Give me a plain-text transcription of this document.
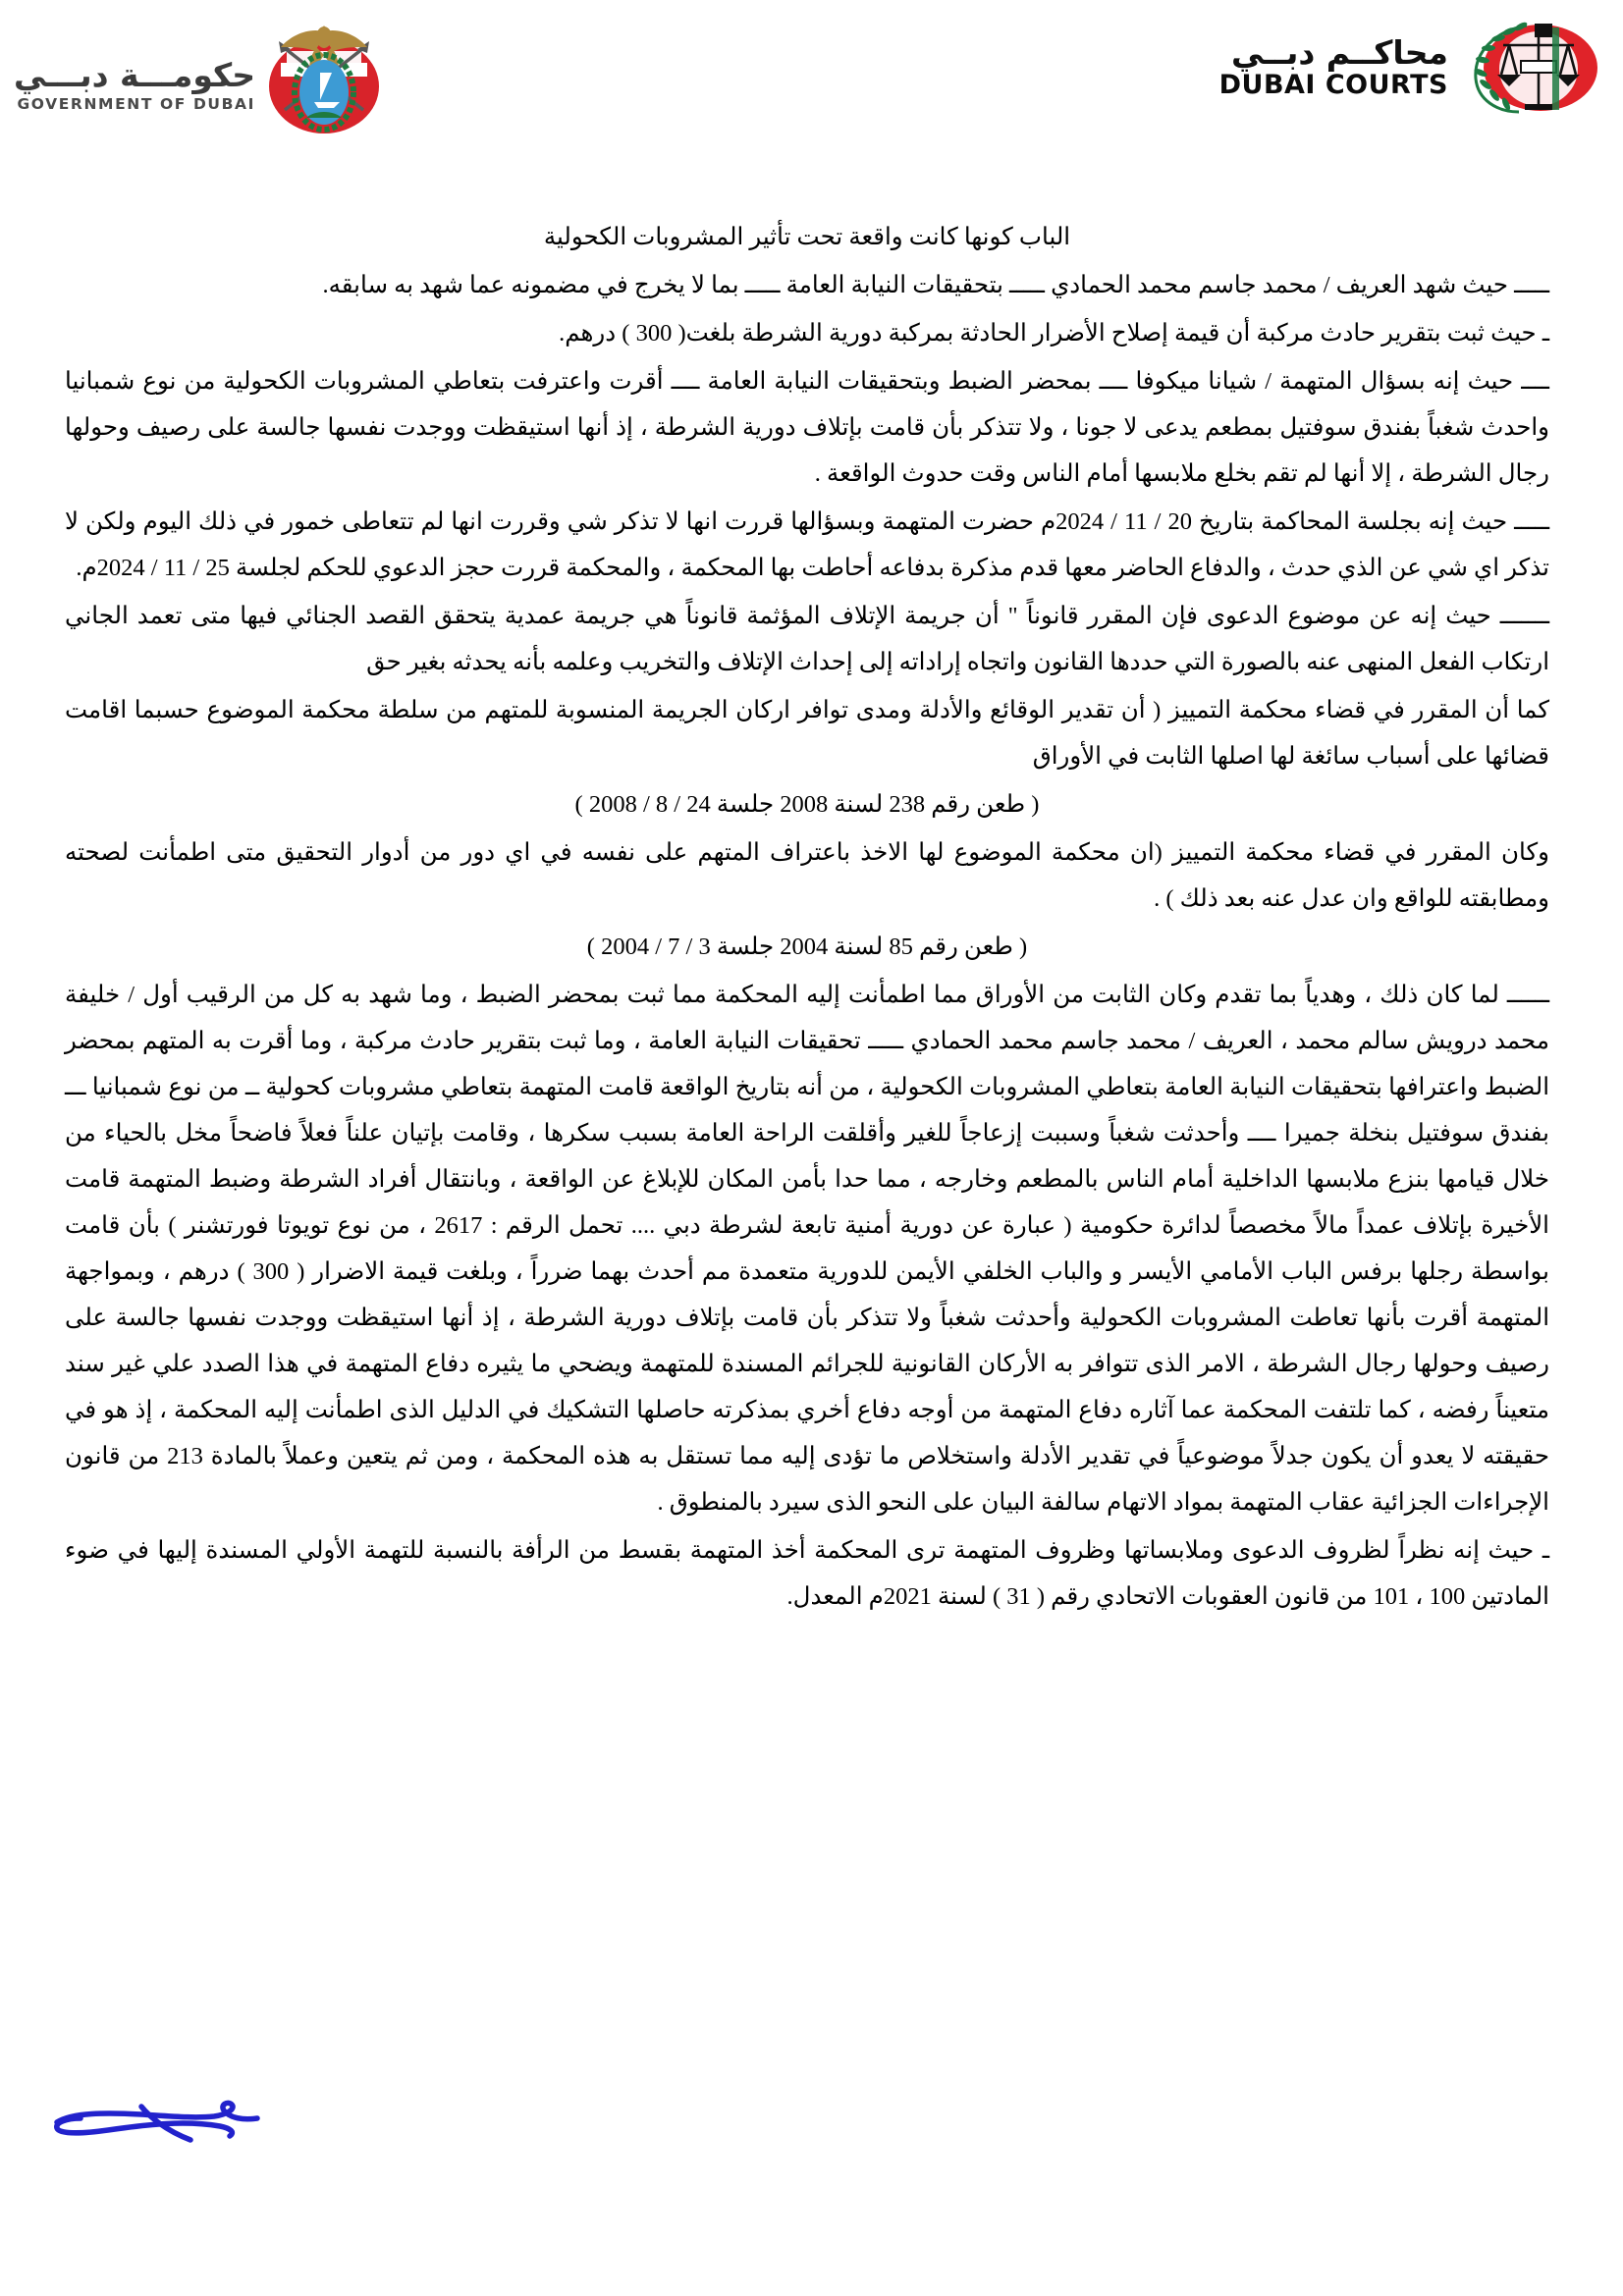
حكومـــة دبـــي
GOVERNMENT OF DUBAI
محاكــم دبــي
DUBAI COURTS

الباب كونها كانت واقعة تحت تأثير المشروبات الكحولية

ـــــ حيث شهد العريف / محمد جاسم محمد الحمادي ـــــ بتحقيقات النيابة العامة ـــــ بما لا يخرج في مضمونه عما شهد به سابقه.

ـ حيث ثبت بتقرير حادث مركبة أن قيمة إصلاح الأضرار الحادثة بمركبة دورية الشرطة بلغت( 300 ) درهم.

ــــ حيث إنه بسؤال المتهمة / شيانا ميكوفا ــــ بمحضر الضبط وبتحقيقات النيابة العامة ــــ أقرت واعترفت بتعاطي المشروبات الكحولية من نوع شمبانيا واحدث شغباً بفندق سوفتيل بمطعم يدعى لا جونا ، ولا تتذكر بأن قامت بإتلاف دورية الشرطة ، إذ أنها استيقظت ووجدت نفسها جالسة على رصيف وحولها رجال الشرطة ، إلا أنها لم تقم بخلع ملابسها أمام الناس وقت حدوث الواقعة .

ـــــ حيث إنه بجلسة المحاكمة بتاريخ 20 / 11 / 2024م حضرت المتهمة وبسؤالها قررت انها لا تذكر شي وقررت انها لم تتعاطى خمور في ذلك اليوم ولكن لا تذكر اي شي عن الذي حدث ، والدفاع الحاضر معها قدم مذكرة بدفاعه أحاطت بها المحكمة ، والمحكمة قررت حجز الدعوي للحكم لجلسة 25 / 11 / 2024م.

ـــــــ حيث إنه عن موضوع الدعوى فإن المقرر قانوناً " أن جريمة الإتلاف المؤثمة قانوناً هي جريمة عمدية يتحقق القصد الجنائي فيها متى تعمد الجاني ارتكاب الفعل المنهى عنه بالصورة التي حددها القانون واتجاه إراداته إلى إحداث الإتلاف والتخريب وعلمه بأنه يحدثه بغير حق

كما أن المقرر في قضاء محكمة التمييز ( أن تقدير الوقائع والأدلة ومدى توافر اركان الجريمة المنسوبة للمتهم من سلطة محكمة الموضوع حسبما اقامت قضائها على أسباب سائغة لها اصلها الثابت في الأوراق

( طعن رقم 238 لسنة 2008 جلسة 24 / 8 / 2008 )

وكان المقرر في قضاء محكمة التمييز (ان محكمة الموضوع لها الاخذ باعتراف المتهم على نفسه في اي دور من أدوار التحقيق متى اطمأنت لصحته ومطابقته للواقع وان عدل عنه بعد ذلك ) .

( طعن رقم 85 لسنة 2004 جلسة 3 / 7 / 2004 )

ــــــ لما كان ذلك ، وهدياً بما تقدم وكان الثابت من الأوراق مما اطمأنت إليه المحكمة مما ثبت بمحضر الضبط ، وما شهد به كل من الرقيب أول / خليفة محمد درويش سالم محمد ، العريف / محمد جاسم محمد الحمادي ـــــ تحقيقات النيابة العامة ، وما ثبت بتقرير حادث مركبة ، وما أقرت به المتهم بمحضر الضبط واعترافها بتحقيقات النيابة العامة بتعاطي المشروبات الكحولية ، من أنه بتاريخ الواقعة قامت المتهمة بتعاطي مشروبات كحولية ــ من نوع شمبانيا ـــ بفندق سوفتيل بنخلة جميرا ــــ وأحدثت شغباً وسببت إزعاجاً للغير وأقلقت الراحة العامة بسبب سكرها ، وقامت بإتيان علناً فعلاً فاضحاً مخل بالحياء من خلال قيامها بنزع ملابسها الداخلية أمام الناس بالمطعم وخارجه ، مما حدا بأمن المكان للإبلاغ عن الواقعة ، وبانتقال أفراد الشرطة وضبط المتهمة قامت الأخيرة بإتلاف عمداً مالاً مخصصاً لدائرة حكومية ( عبارة عن دورية أمنية تابعة لشرطة دبي .... تحمل الرقم : 2617 ، من نوع تويوتا فورتشنر ) بأن قامت بواسطة رجلها برفس الباب الأمامي الأيسر و والباب الخلفي الأيمن للدورية متعمدة مم أحدث بهما ضرراً ، وبلغت قيمة الاضرار ( 300 ) درهم ، وبمواجهة المتهمة أقرت بأنها تعاطت المشروبات الكحولية وأحدثت شغباً ولا تتذكر بأن قامت بإتلاف دورية الشرطة ، إذ أنها استيقظت ووجدت نفسها جالسة على رصيف وحولها رجال الشرطة ، الامر الذى تتوافر به الأركان القانونية للجرائم المسندة للمتهمة ويضحي ما يثيره دفاع المتهمة في هذا الصدد علي غير سند متعيناً رفضه ، كما تلتفت المحكمة عما آثاره دفاع المتهمة من أوجه دفاع أخري بمذكرته حاصلها التشكيك في الدليل الذى اطمأنت إليه المحكمة ، إذ هو في حقيقته لا يعدو أن يكون جدلاً موضوعياً في تقدير الأدلة واستخلاص ما تؤدى إليه مما تستقل به هذه المحكمة ، ومن ثم يتعين وعملاً بالمادة 213 من قانون الإجراءات الجزائية عقاب المتهمة بمواد الاتهام سالفة البيان على النحو الذى سيرد بالمنطوق .

ـ حيث إنه نظراً لظروف الدعوى وملابساتها وظروف المتهمة ترى المحكمة أخذ المتهمة بقسط من الرأفة بالنسبة للتهمة الأولي المسندة إليها في ضوء المادتين 100 ، 101 من قانون العقوبات الاتحادي رقم ( 31 ) لسنة 2021م المعدل.
